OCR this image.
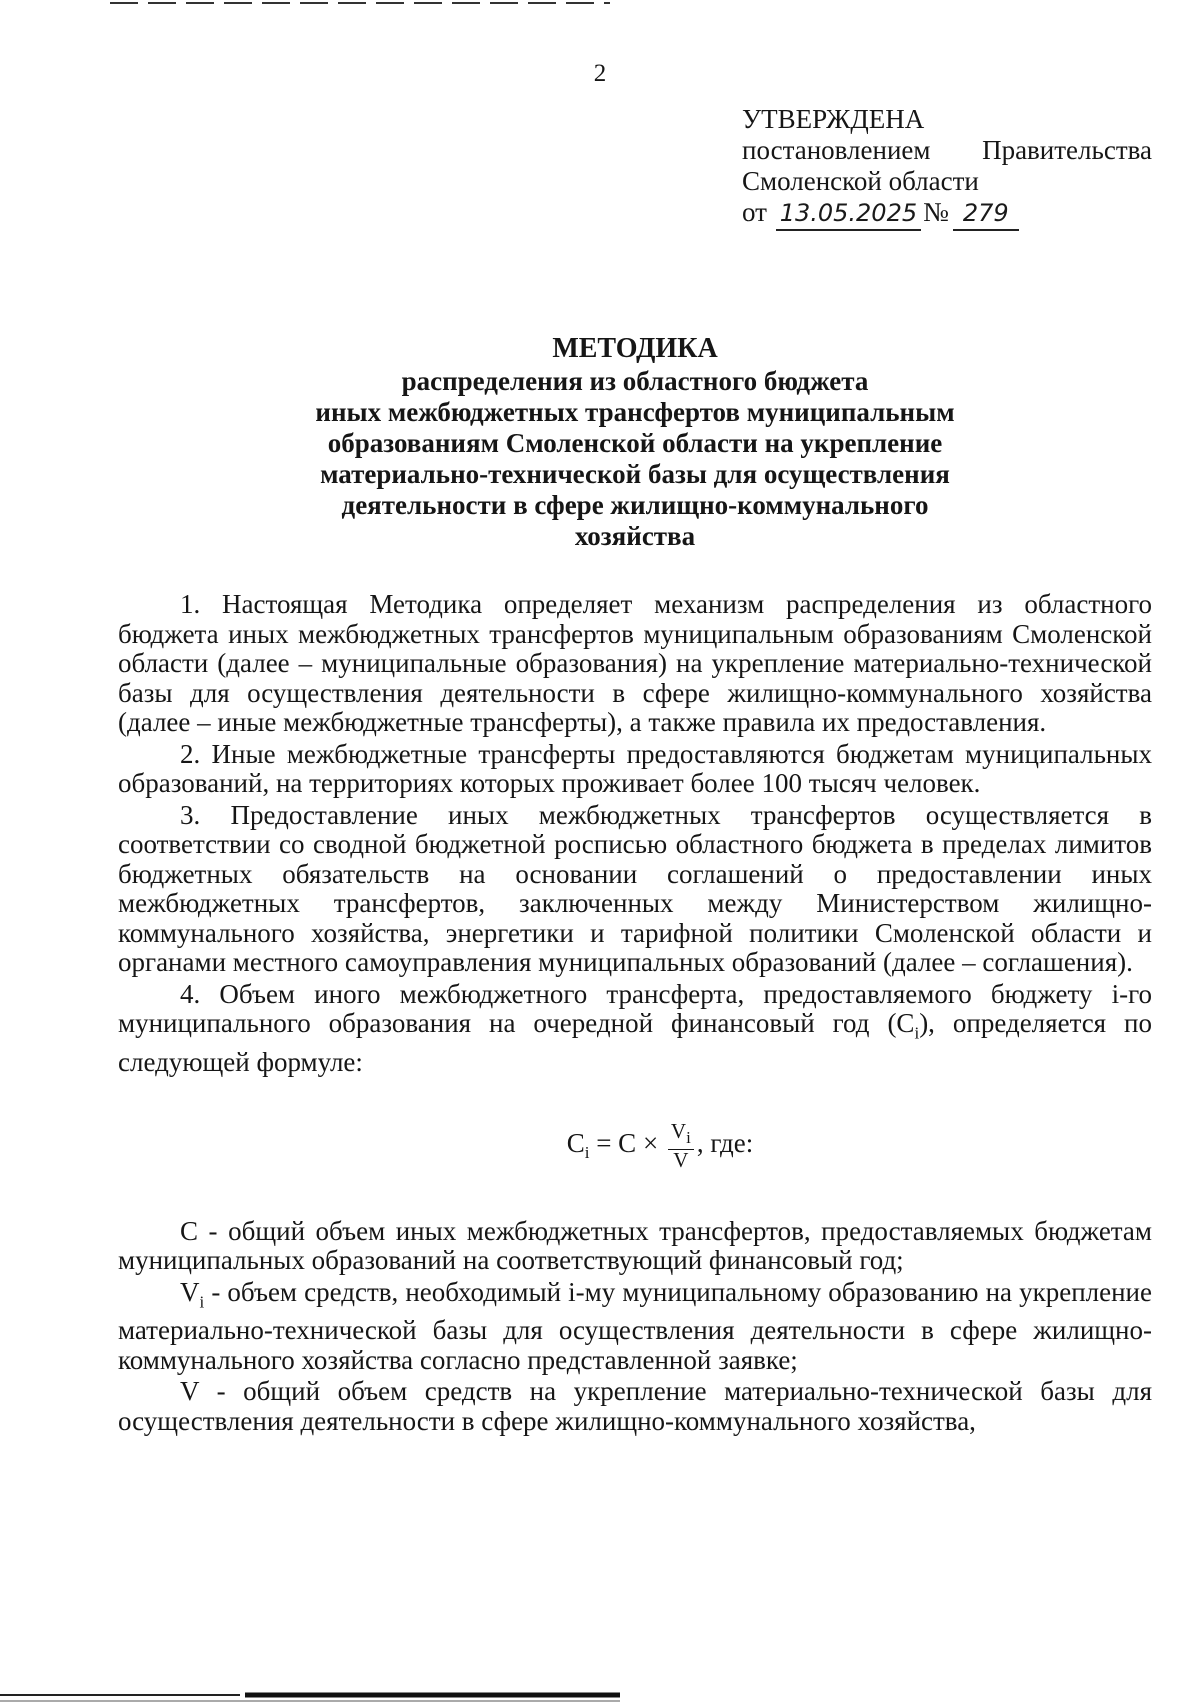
2
УТВЕРЖДЕНА
постановлением Правительства
Смоленской области
от 13.05.2025 № 279
МЕТОДИКА
распределения из областного бюджета
иных межбюджетных трансфертов муниципальным
образованиям Смоленской области на укрепление
материально-технической базы для осуществления
деятельности в сфере жилищно-коммунального
хозяйства

1. Настоящая Методика определяет механизм распределения из областного бюджета иных межбюджетных трансфертов муниципальным образованиям Смоленской области (далее – муниципальные образования) на укрепление материально-технической базы для осуществления деятельности в сфере жилищно-коммунального хозяйства (далее – иные межбюджетные трансферты), а также правила их предоставления.

2. Иные межбюджетные трансферты предоставляются бюджетам муниципальных образований, на территориях которых проживает более 100 тысяч человек.

3. Предоставление иных межбюджетных трансфертов осуществляется в соответствии со сводной бюджетной росписью областного бюджета в пределах лимитов бюджетных обязательств на основании соглашений о предоставлении иных межбюджетных трансфертов, заключенных между Министерством жилищно-коммунального хозяйства, энергетики и тарифной политики Смоленской области и органами местного самоуправления муниципальных образований (далее – соглашения).

4. Объем иного межбюджетного трансферта, предоставляемого бюджету i-го муниципального образования на очередной финансовый год $(C_i)$, определяется по следующей формуле:

$C_i = C \times \frac{V_i}{V}$ , где:

C - общий объем иных межбюджетных трансфертов, предоставляемых бюджетам муниципальных образований на соответствующий финансовый год;

$V_i$ - объем средств, необходимый i-му муниципальному образованию на укрепление материально-технической базы для осуществления деятельности в сфере жилищно-коммунального хозяйства согласно представленной заявке;

V - общий объем средств на укрепление материально-технической базы для осуществления деятельности в сфере жилищно-коммунального хозяйства,
